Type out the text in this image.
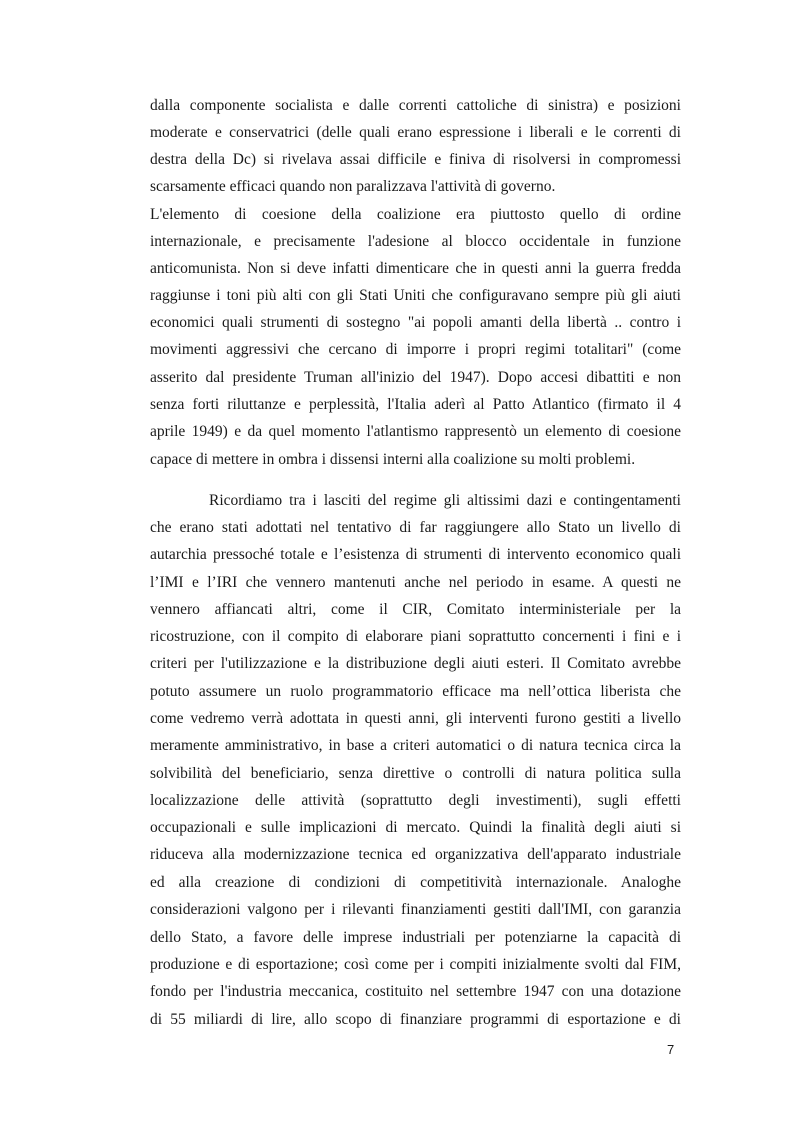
dalla componente socialista e dalle correnti cattoliche di sinistra) e posizioni
moderate e conservatrici (delle quali erano espressione i liberali e le correnti di
destra della Dc) si rivelava assai difficile e finiva di risolversi in compromessi
scarsamente efficaci quando non paralizzava l'attività di governo.
L'elemento di coesione della coalizione era piuttosto quello di ordine
internazionale, e precisamente l'adesione al blocco occidentale in funzione
anticomunista. Non si deve infatti dimenticare che in questi anni la guerra fredda
raggiunse i toni più alti con gli Stati Uniti che configuravano sempre più gli aiuti
economici quali strumenti di sostegno "ai popoli amanti della libertà .. contro i
movimenti aggressivi che cercano di imporre i propri regimi totalitari" (come
asserito dal presidente Truman all'inizio del 1947). Dopo accesi dibattiti e non
senza forti riluttanze e perplessità, l'Italia aderì al Patto Atlantico (firmato il 4
aprile 1949) e da quel momento l'atlantismo rappresentò un elemento di coesione
capace di mettere in ombra i dissensi interni alla coalizione su molti problemi.
Ricordiamo tra i lasciti del regime gli altissimi dazi e contingentamenti
che erano stati adottati nel tentativo di far raggiungere allo Stato un livello di
autarchia pressoché totale e l’esistenza di strumenti di intervento economico quali
l’IMI e l’IRI che vennero mantenuti anche nel periodo in esame. A questi ne
vennero affiancati altri, come il CIR, Comitato interministeriale per la
ricostruzione, con il compito di elaborare piani soprattutto concernenti i fini e i
criteri per l'utilizzazione e la distribuzione degli aiuti esteri. Il Comitato avrebbe
potuto assumere un ruolo programmatorio efficace ma nell’ottica liberista che
come vedremo verrà adottata in questi anni, gli interventi furono gestiti a livello
meramente amministrativo, in base a criteri automatici o di natura tecnica circa la
solvibilità del beneficiario, senza direttive o controlli di natura politica sulla
localizzazione delle attività (soprattutto degli investimenti), sugli effetti
occupazionali e sulle implicazioni di mercato. Quindi la finalità degli aiuti si
riduceva alla modernizzazione tecnica ed organizzativa dell'apparato industriale
ed alla creazione di condizioni di competitività internazionale. Analoghe
considerazioni valgono per i rilevanti finanziamenti gestiti dall'IMI, con garanzia
dello Stato, a favore delle imprese industriali per potenziarne la capacità di
produzione e di esportazione; così come per i compiti inizialmente svolti dal FIM,
fondo per l'industria meccanica, costituito nel settembre 1947 con una dotazione
di 55 miliardi di lire, allo scopo di finanziare programmi di esportazione e di
7
